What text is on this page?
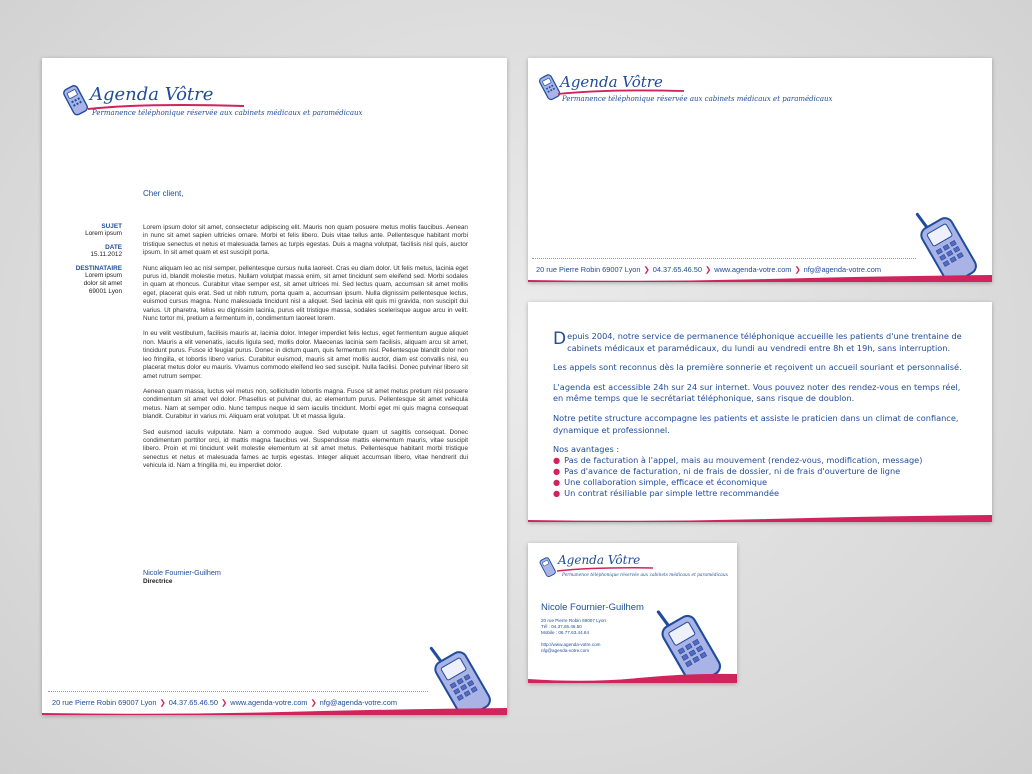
Agenda Vôtre
Permanence téléphonique réservée aux cabinets médicaux et paramédicaux
Cher client,
SUJET
Lorem ipsum
DATE
15.11.2012
DESTINATAIRE
Lorem ipsum
dolor sit amet
69001 Lyon

Lorem ipsum dolor sit amet, consectetur adipiscing elit. Mauris non quam posuere metus mollis faucibus. Aenean in nunc sit amet sapien ultricies ornare. Morbi et felis libero. Duis vitae tellus ante. Pellentesque habitant morbi tristique senectus et netus et malesuada fames ac turpis egestas. Duis a magna volutpat, facilisis nisl quis, auctor ipsum. In sit amet quam et est suscipit porta.

Nunc aliquam leo ac nisl semper, pellentesque cursus nulla laoreet. Cras eu diam dolor. Ut felis metus, lacinia eget purus id, blandit molestie metus. Nullam volutpat massa enim, sit amet tincidunt sem eleifend sed. Morbi sodales in quam at rhoncus. Curabitur vitae semper est, sit amet ultrices mi. Sed lectus quam, accumsan sit amet mollis eget, placerat quis erat. Sed ut nibh rutrum, porta quam a, accumsan ipsum. Nulla dignissim pellentesque lectus, euismod cursus magna. Nunc malesuada tincidunt nisl a aliquet. Sed lacinia elit quis mi gravida, non suscipit dui varius. Ut pharetra, tellus eu dignissim lacinia, purus elit tristique massa, sodales scelerisque augue arcu in velit. Nunc tortor mi, pretium a fermentum in, condimentum laoreet lorem.

In eu velit vestibulum, facilisis mauris at, lacinia dolor. Integer imperdiet felis lectus, eget fermentum augue aliquet non. Mauris a elit venenatis, iaculis ligula sed, mollis dolor. Maecenas lacinia sem facilisis, aliquam arcu sit amet, tincidunt purus. Fusce id feugiat purus. Donec in dictum quam, quis fermentum nisl. Pellentesque blandit dolor non leo fringilla, et lobortis libero varius. Curabitur euismod, mauris sit amet mollis auctor, diam est convallis nisl, eu placerat metus dolor eu mauris. Vivamus commodo eleifend leo sed suscipit. Nulla facilisi. Donec pulvinar libero sit amet rutrum semper.

Aenean quam massa, luctus vel metus non, sollicitudin lobortis magna. Fusce sit amet metus pretium nisl posuere condimentum sit amet vel dolor. Phasellus et pulvinar dui, ac elementum purus. Pellentesque sit amet vehicula metus. Nam at semper odio. Nunc tempus neque id sem iaculis tincidunt. Morbi eget mi quis magna consequat blandit. Curabitur in varius mi. Aliquam erat volutpat. Ut et massa ligula.

Sed euismod iaculis vulputate. Nam a commodo augue. Sed vulputate quam ut sagittis consequat. Donec condimentum porttitor orci, id mattis magna faucibus vel. Suspendisse mattis elementum mauris, vitae suscipit libero. Proin et mi tincidunt velit molestie elementum at sit amet metus. Pellentesque habitant morbi tristique senectus et netus et malesuada fames ac turpis egestas. Integer aliquet accumsan libero, vitae hendrerit dui vehicula id. Nam a fringilla mi, eu imperdiet dolor.

Nicole Fournier-Guilhem
Directrice
20 rue Pierre Robin 69007 Lyon ❯ 04.37.65.46.50 ❯ www.agenda-votre.com ❯ nfg@agenda-votre.com
Agenda Vôtre
Permanence téléphonique réservée aux cabinets médicaux et paramédicaux
20 rue Pierre Robin 69007 Lyon ❯ 04.37.65.46.50 ❯ www.agenda-votre.com ❯ nfg@agenda-votre.com

Depuis 2004, notre service de permanence téléphonique accueille les patients d'une trentaine de cabinets médicaux et paramédicaux, du lundi au vendredi entre 8h et 19h, sans interruption.

Les appels sont reconnus dès la première sonnerie et reçoivent un accueil souriant et personnalisé.

L'agenda est accessible 24h sur 24 sur internet. Vous pouvez noter des rendez-vous en temps réel, en même temps que le secrétariat téléphonique, sans risque de doublon.

Notre petite structure accompagne les patients et assiste le praticien dans un climat de confiance, dynamique et professionnel.

Nos avantages :
● Pas de facturation à l'appel, mais au mouvement (rendez-vous, modification, message)
● Pas d'avance de facturation, ni de frais de dossier, ni de frais d'ouverture de ligne
● Une collaboration simple, efficace et économique
● Un contrat résiliable par simple lettre recommandée
Agenda Vôtre
Permanence téléphonique réservée aux cabinets médicaux et paramédicaux
Nicole Fournier-Guilhem
20 rue Pierre Robin 69007 Lyon
Tél : 04.37.65.46.50
Mobile : 06.77.63.44.84
http://www.agenda-votre.com
nfg@agenda-votre.com
